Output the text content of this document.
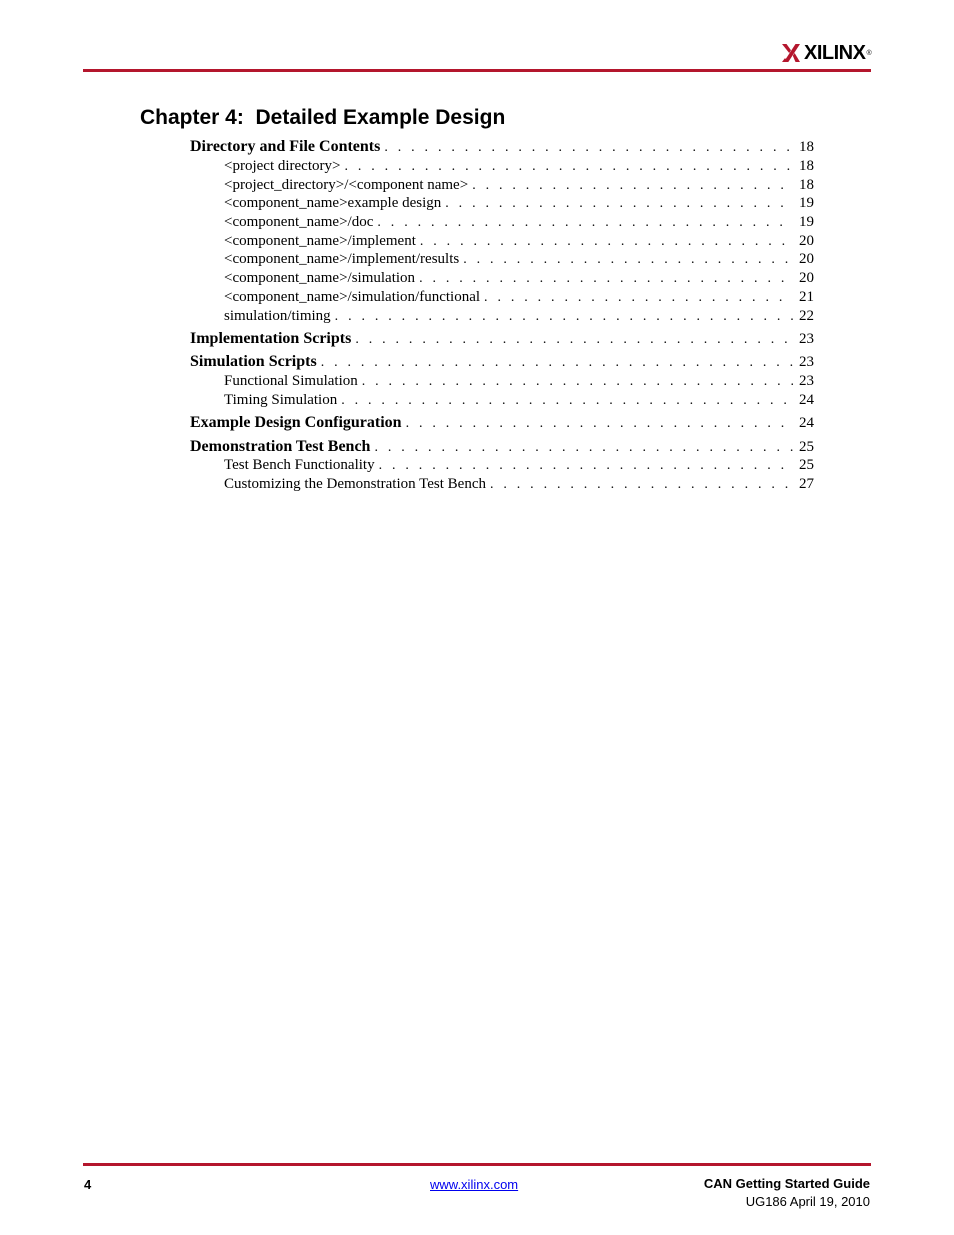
XILINX ®
Chapter 4:  Detailed Example Design
Directory and File Contents . . .	18
<project directory> . . .	18
<project_directory>/<component name> . . .	18
<component_name>example design . . .	19
<component_name>/doc . . .	19
<component_name>/implement . . .	20
<component_name>/implement/results . . .	20
<component_name>/simulation . . .	20
<component_name>/simulation/functional . . .	21
simulation/timing . . .	22
Implementation Scripts . . .	23
Simulation Scripts . . .	23
Functional Simulation . . .	23
Timing Simulation . . .	24
Example Design Configuration . . .	24
Demonstration Test Bench . . .	25
Test Bench Functionality . . .	25
Customizing the Demonstration Test Bench . . .	27
4	www.xilinx.com	CAN Getting Started Guide
UG186 April 19, 2010
